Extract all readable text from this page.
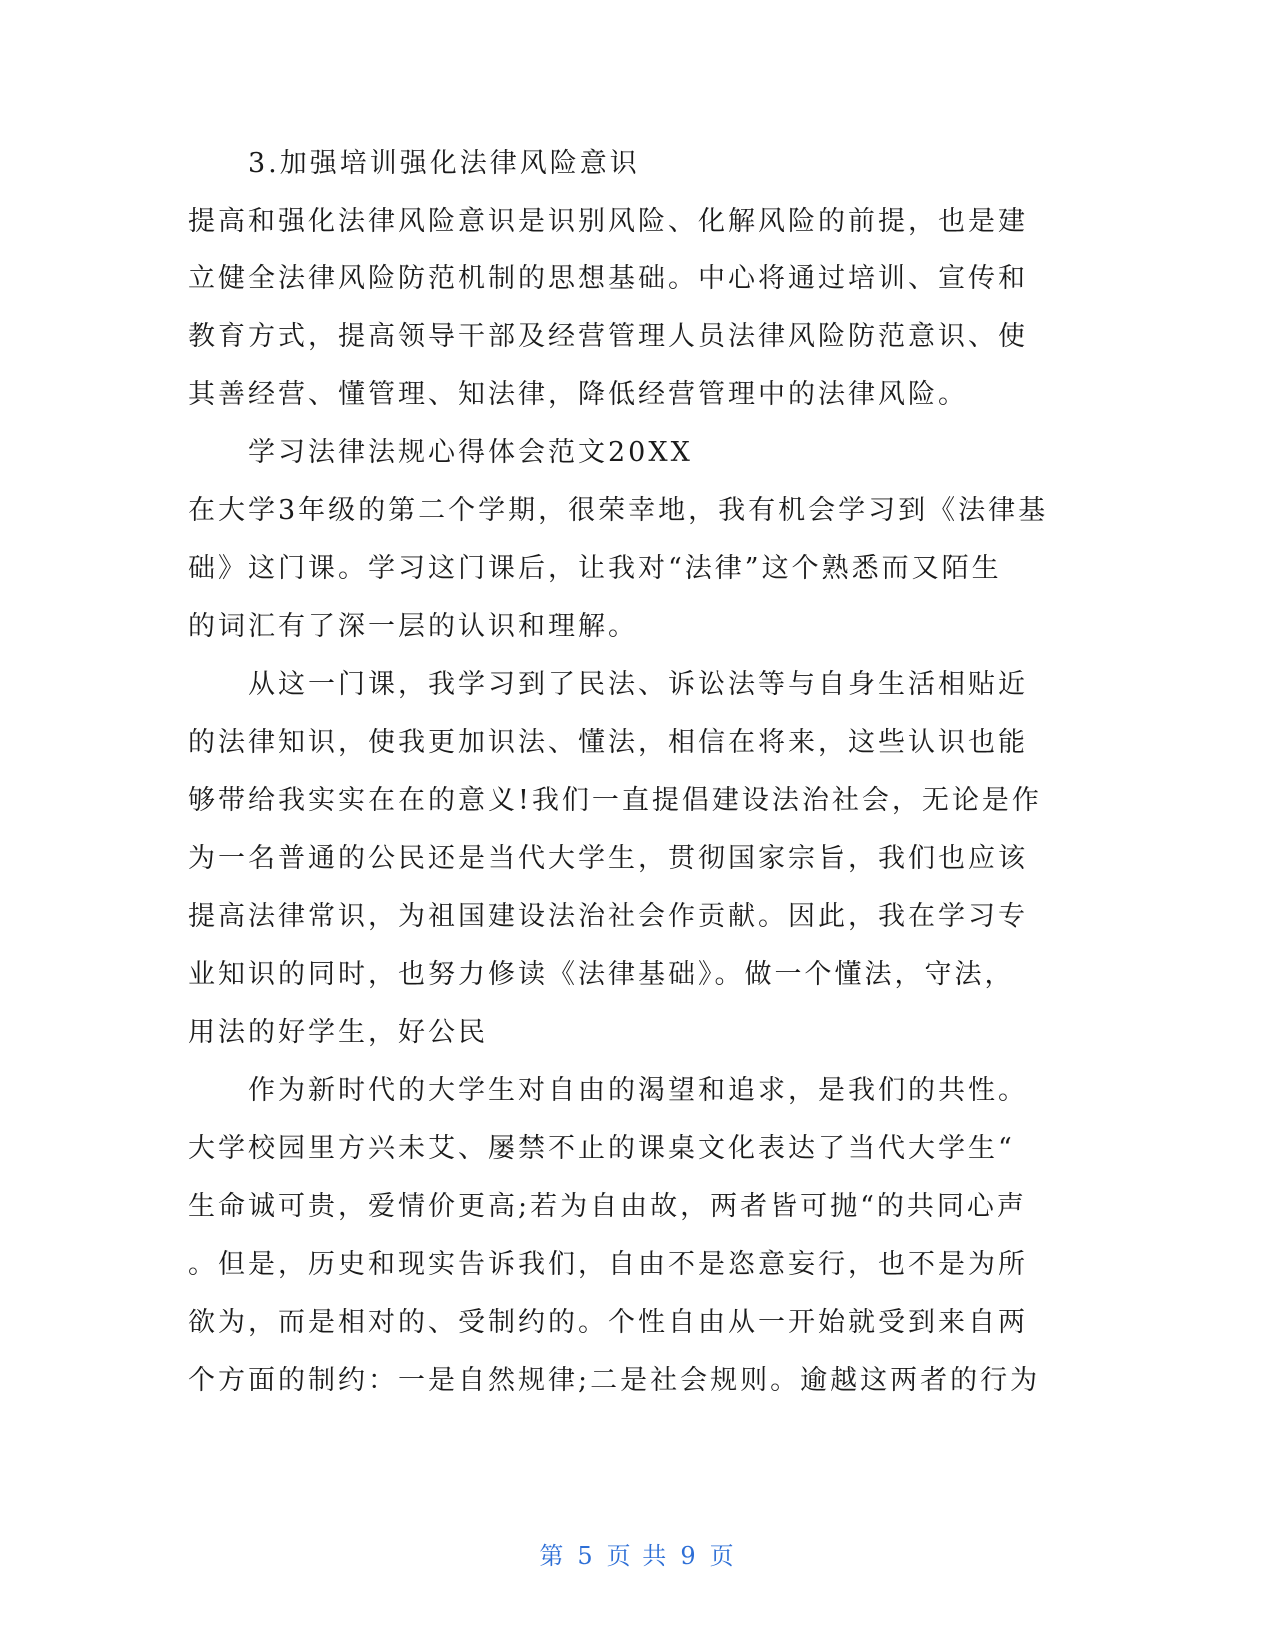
3.加强培训强化法律风险意识
提高和强化法律风险意识是识别风险、化解风险的前提，也是建
立健全法律风险防范机制的思想基础。中心将通过培训、宣传和
教育方式，提高领导干部及经营管理人员法律风险防范意识、使
其善经营、懂管理、知法律，降低经营管理中的法律风险。
学习法律法规心得体会范文20XX
在大学3年级的第二个学期，很荣幸地，我有机会学习到《法律基
础》这门课。学习这门课后，让我对“法律”这个熟悉而又陌生
的词汇有了深一层的认识和理解。
从这一门课，我学习到了民法、诉讼法等与自身生活相贴近
的法律知识，使我更加识法、懂法，相信在将来，这些认识也能
够带给我实实在在的意义!我们一直提倡建设法治社会，无论是作
为一名普通的公民还是当代大学生，贯彻国家宗旨，我们也应该
提高法律常识，为祖国建设法治社会作贡献。因此，我在学习专
业知识的同时，也努力修读《法律基础》。做一个懂法，守法，
用法的好学生，好公民
作为新时代的大学生对自由的渴望和追求，是我们的共性。
大学校园里方兴未艾、屡禁不止的课桌文化表达了当代大学生“
生命诚可贵，爱情价更高;若为自由故，两者皆可抛“的共同心声
。但是，历史和现实告诉我们，自由不是恣意妄行，也不是为所
欲为，而是相对的、受制约的。个性自由从一开始就受到来自两
个方面的制约：一是自然规律;二是社会规则。逾越这两者的行为
第 5 页 共 9 页
